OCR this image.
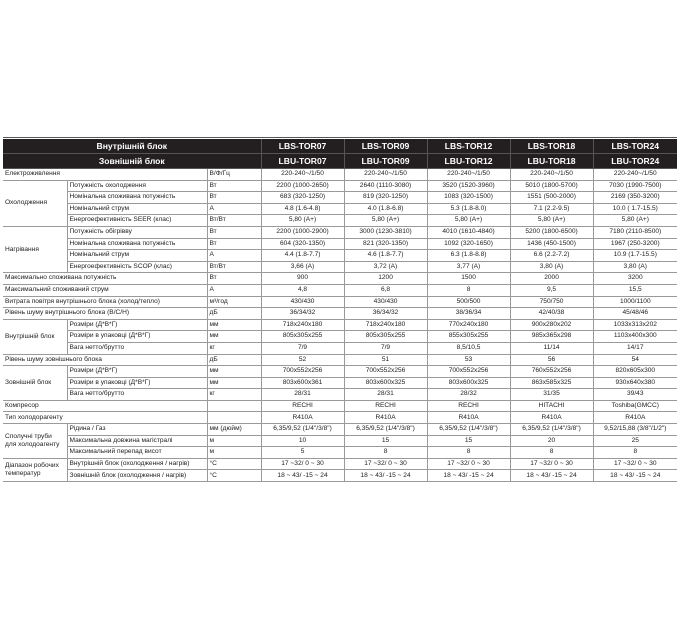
Внутрішній блок			LBS-TOR07	LBS-TOR09	LBS-TOR12	LBS-TOR18	LBS-TOR24
Зовнішній блок			LBU-TOR07	LBU-TOR09	LBU-TOR12	LBU-TOR18	LBU-TOR24
Електроживлення		В/Ф/Гц	220-240~/1/50	220-240~/1/50	220-240~/1/50	220-240~/1/50	220-240~/1/50
Охолодження	Потужність охолодження	Вт	2200 (1000-2650)	2640 (1110-3080)	3520 (1520-3960)	5010 (1800-5700)	7030 (1990-7500)
	Номінальна споживана потужність	Вт	683 (320-1250)	819 (320-1250)	1083 (320-1500)	1551 (500-2000)	2169 (350-3200)
	Номінальний струм	А	4.8 (1.6-4.8)	4.0 (1.8-6.8)	5.3 (1.8-8.0)	7.1 (2.2-9.5)	10.0 ( 1.7-15.5)
	Енергоефективність SEER (клас)	Вт/Вт	5,80 (A+)	5,80 (A+)	5,80 (A+)	5,80 (A+)	5,80 (A+)
Нагрівання	Потужність обігрівву	Вт	2200 (1000-2900)	3000 (1230-3810)	4010 (1610-4840)	5200 (1800-6500)	7180 (2110-8500)
	Номінальна споживана потужність	Вт	604 (320-1350)	821 (320-1350)	1092 (320-1650)	1436 (450-1500)	1967 (250-3200)
	Номінальний струм	А	4.4 (1.8-7.7)	4.6 (1.8-7.7)	6.3 (1.8-8.8)	6.6 (2.2-7.2)	10.9 (1.7-15.5)
	Енергоефективність SCOP (клас)	Вт/Вт	3,66 (A)	3,72 (A)	3,77 (A)	3,80 (A)	3,80 (A)
Максимально споживана потужність		Вт	900	1200	1500	2000	3200
Максимальний споживаний струм		А	4,8	6,8	8	9,5	15,5
Витрата повітря внутрішнього блока (холод/тепло)		м³/год	430/430	430/430	500/500	750/750	1000/1100
Рівень шуму внутрішнього блока (В/С/Н)		дБ	36/34/32	36/34/32	38/36/34	42/40/38	45/48/46
Внутрішній блок	Розміри (Д*В*Г)	мм	718x240x180	718x240x180	770x240x180	900x280x202	1033x313x202
	Розміри в упаковці (Д*В*Г)	мм	805x305x255	805x305x255	855x305x255	985x365x298	1103x400x300
	Вага нетто/брутто	кг	7/9	7/9	8,5/10,5	11/14	14/17
Рівень шуму зовнішнього блока		дБ	52	51	53	56	54
Зовнішній блок	Розміри (Д*В*Г)	мм	700x552x256	700x552x256	700x552x256	760x552x256	820x605x300
	Розміри в упаковці (Д*В*Г)	мм	803x600x361	803x600x325	803x600x325	863x585x325	930x640x380
	Вага нетто/брутто	кг	28/31	28/31	28/32	31/35	39/43
Компресор			RECHI	RECHI	RECHI	HITACHI	Toshiba(GMCC)
Тип холодорагенту			R410A	R410A	R410A	R410A	R410A
Сполучні труби для холодоагенту	Рідина / Газ	мм (дюйм)	6,35/9,52 (1/4"/3/8")	6,35/9,52 (1/4"/3/8")	6,35/9,52 (1/4"/3/8")	6,35/9,52 (1/4"/3/8")	9,52/15,88 (3/8"/1/2")
	Максимальна довжина магістралі	м	10	15	15	20	25
	Максимальний перепад висот	м	5	8	8	8	8
Діапазон робочих температур	Внутрішній блок (охолодження / нагрів)	°C	17 ~32/ 0 ~ 30	17 ~32/ 0 ~ 30	17 ~32/ 0 ~ 30	17 ~32/ 0 ~ 30	17 ~32/ 0 ~ 30
	Зовнішній блок (охолодження / нагрів)	°C	18 ~ 43/ -15 ~ 24	18 ~ 43/ -15 ~ 24	18 ~ 43/ -15 ~ 24	18 ~ 43/ -15 ~ 24	18 ~ 43/ -15 ~ 24
